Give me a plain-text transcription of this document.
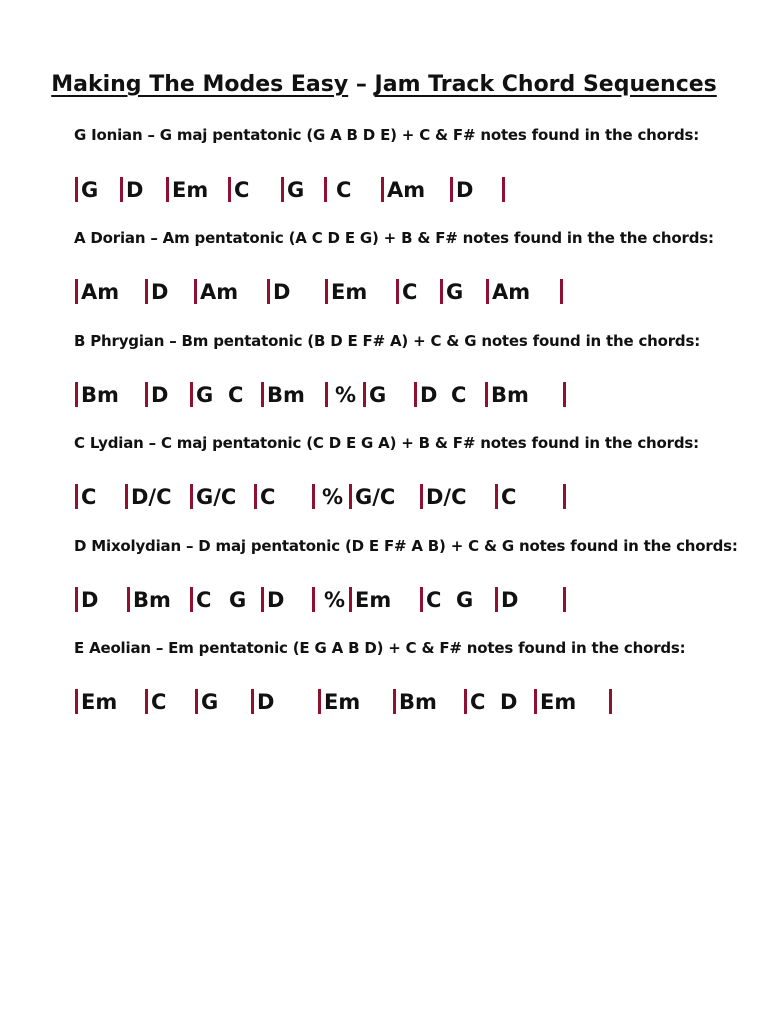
Making The Modes Easy – Jam Track Chord Sequences
G Ionian – G maj pentatonic (G A B D E) + C & F# notes found in the chords:
G D Em C G C Am D
A Dorian – Am pentatonic (A C D E G) + B & F# notes found in the the chords:
Am D Am D Em C G Am
B Phrygian – Bm pentatonic (B D E F# A) + C & G notes found in the chords:
Bm D G C Bm % G D C Bm
C Lydian – C maj pentatonic (C D E G A) + B & F# notes found in the chords:
C D/C G/C C % G/C D/C C
D Mixolydian – D maj pentatonic (D E F# A B) + C & G notes found in the chords:
D Bm C G D % Em C G D
E Aeolian – Em pentatonic (E G A B D) + C & F# notes found in the chords:
Em C G D Em Bm C D Em
